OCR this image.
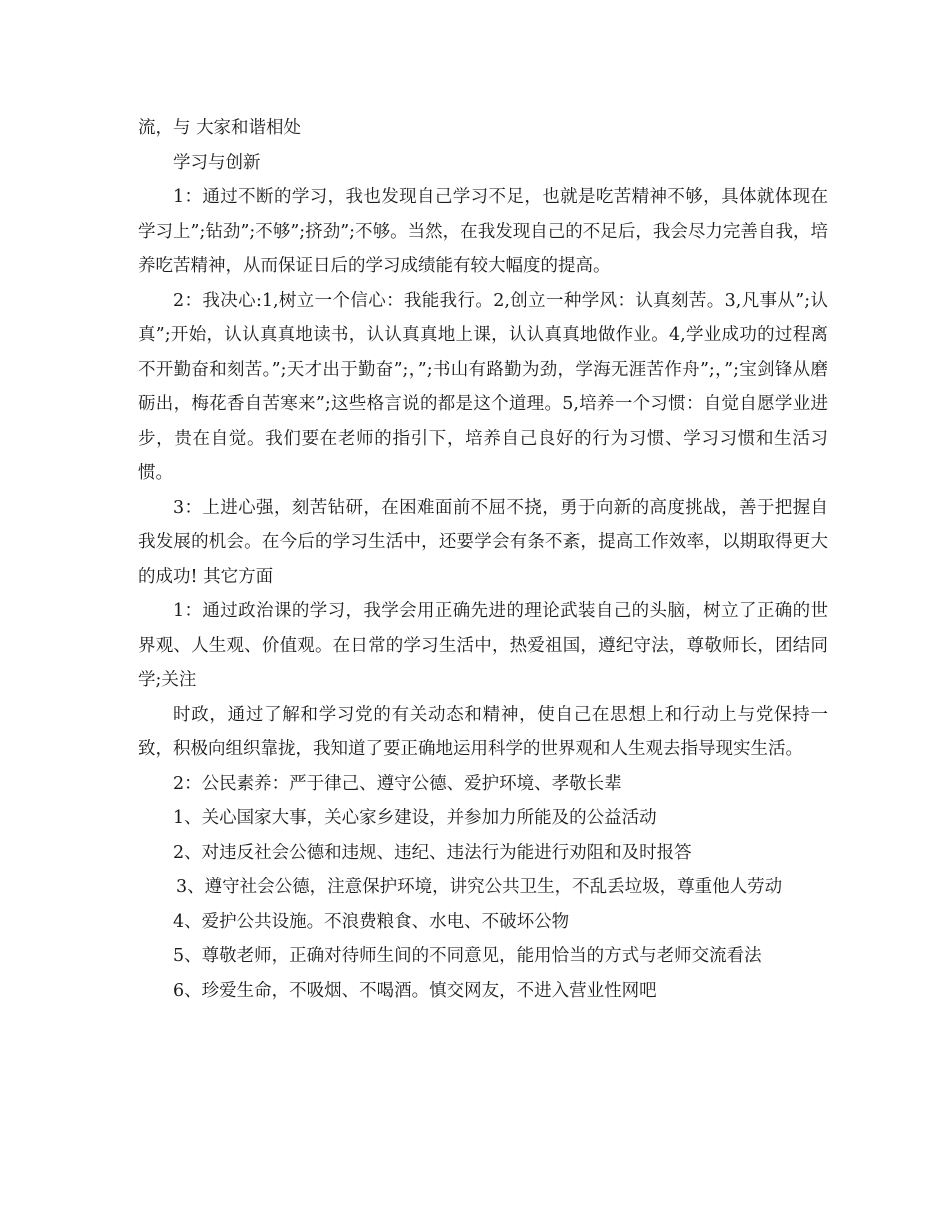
流，与 大家和谐相处

学习与创新

1：通过不断的学习，我也发现自己学习不足，也就是吃苦精神不够，具体就体现在学习上”;钻劲”;不够”;挤劲”;不够。当然，在我发现自己的不足后，我会尽力完善自我，培养吃苦精神，从而保证日后的学习成绩能有较大幅度的提高。

2：我决心:1,树立一个信心：我能我行。2,创立一种学风：认真刻苦。3,凡事从”;认真”;开始，认认真真地读书，认认真真地上课，认认真真地做作业。4,学业成功的过程离不开勤奋和刻苦。”;天才出于勤奋”;，”;书山有路勤为劲，学海无涯苦作舟”;，”;宝剑锋从磨砺出，梅花香自苦寒来”;这些格言说的都是这个道理。5,培养一个习惯：自觉自愿学业进步，贵在自觉。我们要在老师的指引下，培养自己良好的行为习惯、学习习惯和生活习惯。

3：上进心强，刻苦钻研，在困难面前不屈不挠，勇于向新的高度挑战，善于把握自我发展的机会。在今后的学习生活中，还要学会有条不紊，提高工作效率，以期取得更大的成功! 其它方面

1：通过政治课的学习，我学会用正确先进的理论武装自己的头脑，树立了正确的世界观、人生观、价值观。在日常的学习生活中，热爱祖国，遵纪守法，尊敬师长，团结同学;关注

时政，通过了解和学习党的有关动态和精神，使自己在思想上和行动上与党保持一致，积极向组织靠拢，我知道了要正确地运用科学的世界观和人生观去指导现实生活。

2：公民素养：严于律己、遵守公德、爱护环境、孝敬长辈

1、关心国家大事，关心家乡建设，并参加力所能及的公益活动

2、对违反社会公德和违规、违纪、违法行为能进行劝阻和及时报答

3、遵守社会公德，注意保护环境，讲究公共卫生，不乱丢垃圾，尊重他人劳动

4、爱护公共设施。不浪费粮食、水电、不破坏公物

5、尊敬老师，正确对待师生间的不同意见，能用恰当的方式与老师交流看法

6、珍爱生命，不吸烟、不喝酒。慎交网友，不进入营业性网吧
